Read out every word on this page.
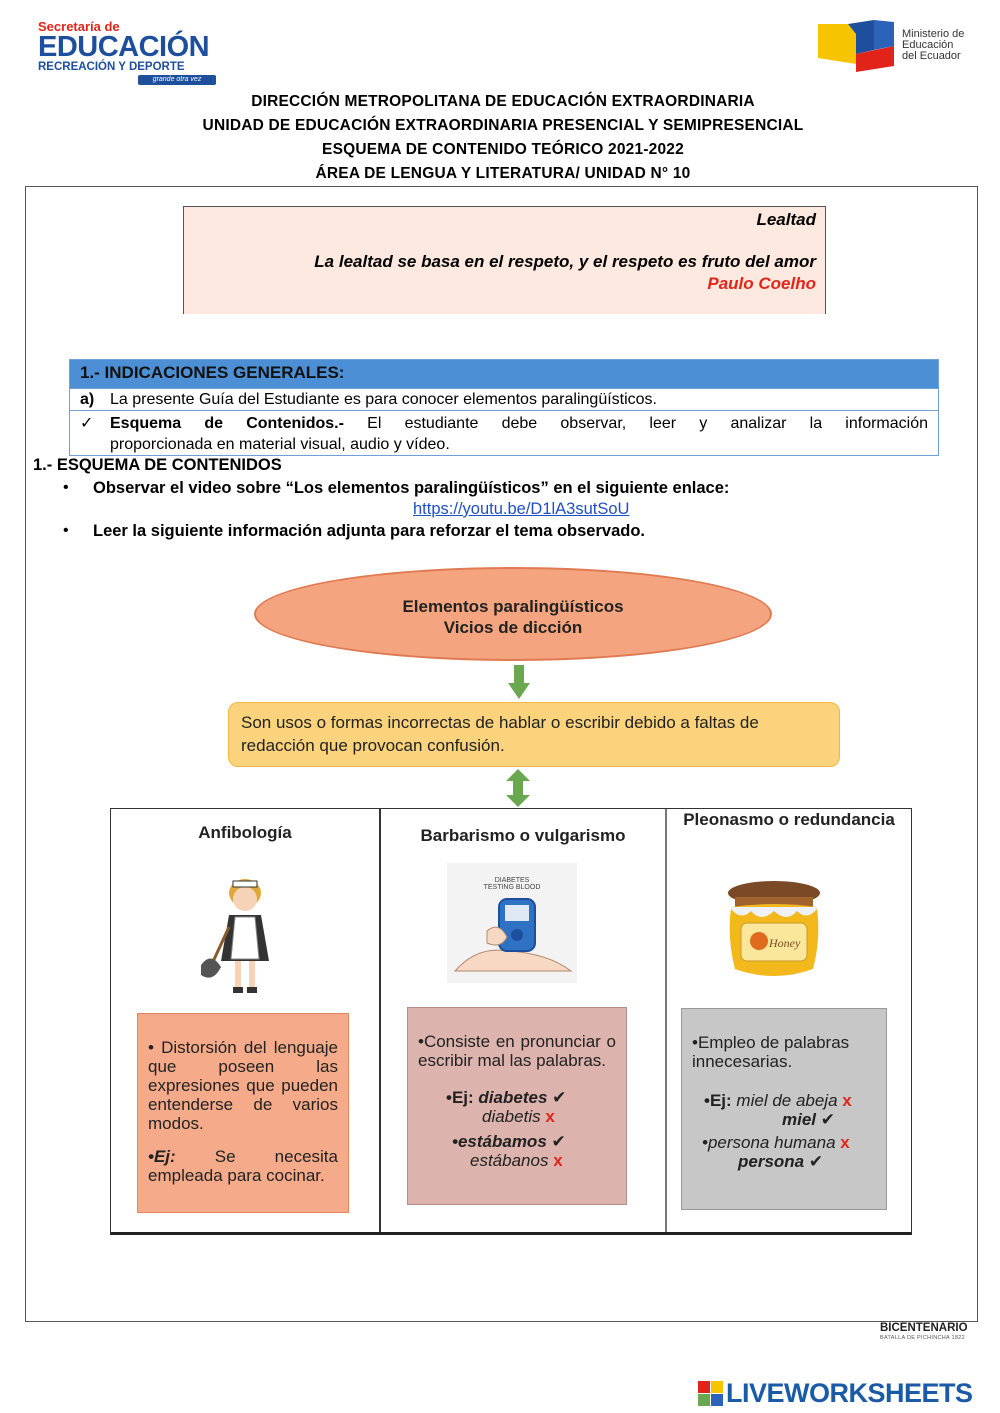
Secretaría de
EDUCACIÓN
RECREACIÓN Y DEPORTE
grande otra vez
Ministerio de
Educación
del Ecuador
DIRECCIÓN METROPOLITANA DE EDUCACIÓN EXTRAORDINARIA
UNIDAD DE EDUCACIÓN EXTRAORDINARIA PRESENCIAL Y SEMIPRESENCIAL
ESQUEMA DE CONTENIDO TEÓRICO 2021-2022
ÁREA DE LENGUA Y LITERATURA/ UNIDAD N° 10
Lealtad
La lealtad se basa en el respeto, y el respeto es fruto del amor
Paulo Coelho
1.- INDICACIONES GENERALES:
a) La presente Guía del Estudiante es para conocer elementos paralingüísticos.
✓ Esquema de Contenidos.- El estudiante debe observar, leer y analizar la información
proporcionada en material visual, audio y vídeo.
1.- ESQUEMA DE CONTENIDOS
• Observar el video sobre “Los elementos paralingüísticos” en el siguiente enlace:
https://youtu.be/D1lA3sutSoU
• Leer la siguiente información adjunta para reforzar el tema observado.
Elementos paralingüísticos
Vicios de dicción
Son usos o formas incorrectas de hablar o escribir debido a faltas de redacción que provocan confusión.
Anfibología
• Distorsión del lenguaje que poseen las expresiones que pueden entenderse de varios modos.
•Ej: Se necesita empleada para cocinar.
Barbarismo o vulgarismo
DIABETES
TESTING BLOOD
•Consiste en pronunciar o escribir mal las palabras.
•Ej: diabetes ✔
diabetis x
•estábamos ✔
estábanos x
Pleonasmo o redundancia
Honey
•Empleo de palabras innecesarias.
•Ej: miel de abeja x
miel ✔
•persona humana x
persona ✔
BICENTENARIO
BATALLA DE PICHINCHA 1822
LIVEWORKSHEETS
